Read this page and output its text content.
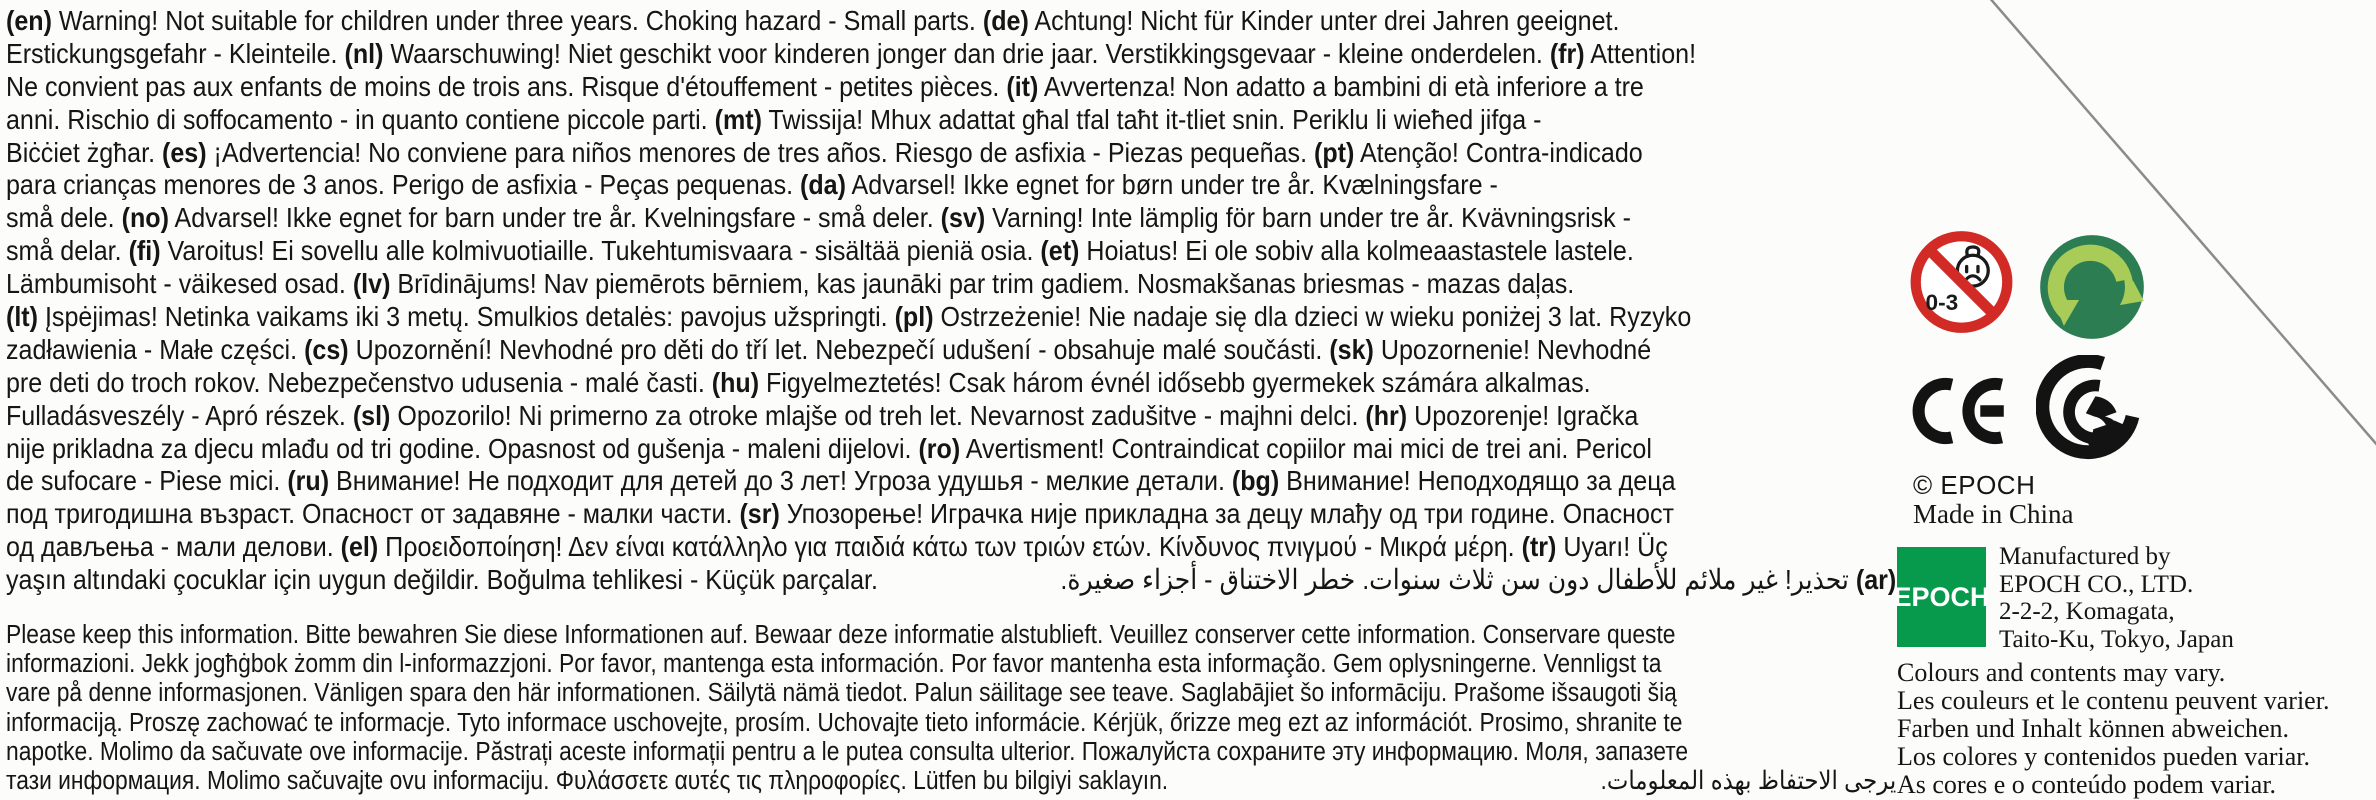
(en) Warning! Not suitable for children under three years. Choking hazard - Small parts. (de) Achtung! Nicht für Kinder unter drei Jahren geeignet.
Erstickungsgefahr - Kleinteile. (nl) Waarschuwing! Niet geschikt voor kinderen jonger dan drie jaar. Verstikkingsgevaar - kleine onderdelen. (fr) Attention!
Ne convient pas aux enfants de moins de trois ans. Risque d'étouffement - petites pièces. (it) Avvertenza! Non adatto a bambini di età inferiore a tre
anni. Rischio di soffocamento - in quanto contiene piccole parti. (mt) Twissija! Mhux adattat għal tfal taħt it-tliet snin. Periklu li wieħed jifga -
Biċċiet żgħar. (es) ¡Advertencia! No conviene para niños menores de tres años. Riesgo de asfixia - Piezas pequeñas. (pt) Atenção! Contra-indicado
para crianças menores de 3 anos. Perigo de asfixia - Peças pequenas. (da) Advarsel! Ikke egnet for børn under tre år. Kvælningsfare -
små dele. (no) Advarsel! Ikke egnet for barn under tre år. Kvelningsfare - små deler. (sv) Varning! Inte lämplig för barn under tre år. Kvävningsrisk -
små delar. (fi) Varoitus! Ei sovellu alle kolmivuotiaille. Tukehtumisvaara - sisältää pieniä osia. (et) Hoiatus! Ei ole sobiv alla kolmeaastastele lastele.
Lämbumisoht - väikesed osad. (lv) Brīdinājums! Nav piemērots bērniem, kas jaunāki par trim gadiem. Nosmakšanas briesmas - mazas daļas.
(lt) Įspėjimas! Netinka vaikams iki 3 metų. Smulkios detalės: pavojus užspringti. (pl) Ostrzeżenie! Nie nadaje się dla dzieci w wieku poniżej 3 lat. Ryzyko
zadławienia - Małe części. (cs) Upozornění! Nevhodné pro děti do tří let. Nebezpečí udušení - obsahuje malé součásti. (sk) Upozornenie! Nevhodné
pre deti do troch rokov. Nebezpečenstvo udusenia - malé časti. (hu) Figyelmeztetés! Csak három évnél idősebb gyermekek számára alkalmas.
Fulladásveszély - Apró részek. (sl) Opozorilo! Ni primerno za otroke mlajše od treh let. Nevarnost zadušitve - majhni delci. (hr) Upozorenje! Igračka
nije prikladna za djecu mlađu od tri godine. Opasnost od gušenja - maleni dijelovi. (ro) Avertisment! Contraindicat copiilor mai mici de trei ani. Pericol
de sufocare - Piese mici. (ru) Внимание! Не подходит для детей до 3 лет! Угроза удушья - мелкие детали. (bg) Внимание! Неподходящо за деца
под тригодишна възраст. Опасност от задавяне - малки части. (sr) Упозорење! Играчка није прикладна за децу млађу од три године. Опасност
од дављења - мали делови. (el) Προειδοποίηση! Δεν είναι κατάλληλο για παιδιά κάτω των τριών ετών. Κίνδυνος πνιγμού - Μικρά μέρη. (tr) Uyarı! Üç
yaşın altındaki çocuklar için uygun değildir. Boğulma tehlikesi - Küçük parçalar.	تحذير! غير ملائم للأطفال دون سن ثلاث سنوات. خطر الاختناق - أجزاء صغيرة. (ar)
Please keep this information. Bitte bewahren Sie diese Informationen auf. Bewaar deze informatie alstublieft. Veuillez conserver cette information. Conservare queste
informazioni. Jekk jogħġbok żomm din l-informazzjoni. Por favor, mantenga esta información. Por favor mantenha esta informação. Gem oplysningerne. Vennligst ta
vare på denne informasjonen. Vänligen spara den här informationen. Säilytä nämä tiedot. Palun säilitage see teave. Saglabājiet šo informāciju. Prašome išsaugoti šią
informaciją. Proszę zachować te informacje. Tyto informace uschovejte, prosím. Uchovajte tieto informácie. Kérjük, őrizze meg ezt az információt. Prosimo, shranite te
napotke. Molimo da sačuvate ove informacije. Păstrați aceste informații pentru a le putea consulta ulterior. Пожалуйста сохраните эту информацию. Моля, запазете
тази информация. Molimo sačuvajte ovu informaciju. Φυλάσσετε αυτές τις πληροφορίες. Lütfen bu bilgiyi saklayın.	يرجى الاحتفاظ بهذه المعلومات.
0-3
© EPOCH
Made in China
EPOCH
Manufactured by
EPOCH CO., LTD.
2-2-2, Komagata,
Taito-Ku, Tokyo, Japan
Colours and contents may vary.
Les couleurs et le contenu peuvent varier.
Farben und Inhalt können abweichen.
Los colores y contenidos pueden variar.
As cores e o conteúdo podem variar.
